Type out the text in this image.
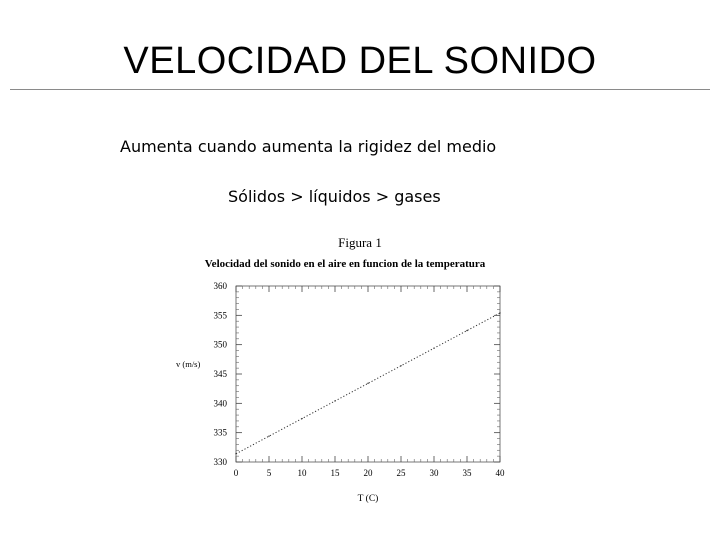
VELOCIDAD DEL SONIDO
Aumenta cuando aumenta la rigidez del medio
Sólidos > líquidos > gases
Figura 1
Velocidad del sonido en el aire en funcion de la temperatura
0	5	10	15	20	25	30	35	40
330
335
340
345
350
355
360
v (m/s)
T (C)
